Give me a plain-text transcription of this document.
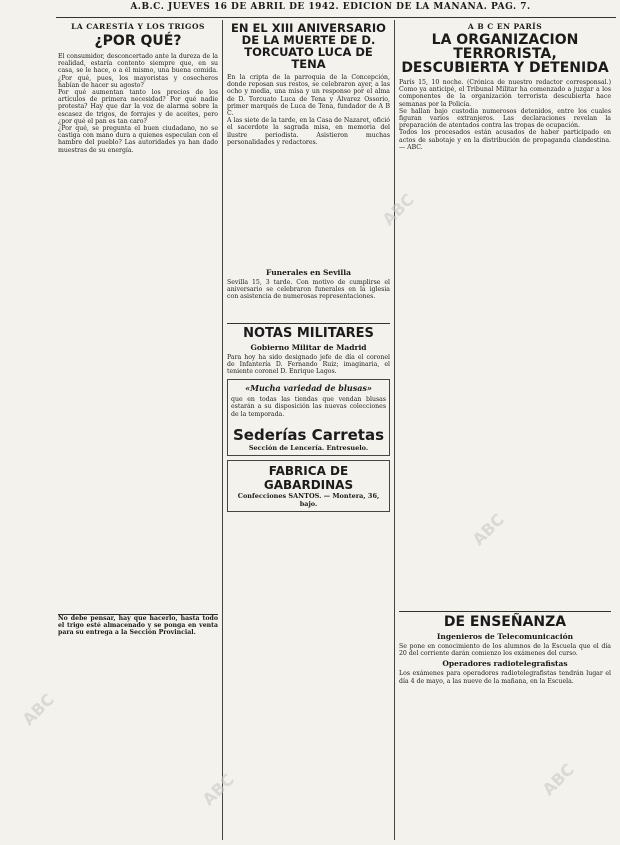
A.B.C. JUEVES 16 DE ABRIL DE 1942. EDICION DE LA MAÑANA. PAG. 7.
LA CARESTÍA Y LOS TRIGOS
¿POR QUÉ?

El consumidor, desconcertado ante la dureza de la realidad, estaría contento siempre que, en su casa, se le hace, o a él mismo, una buena comida. ¿Por qué, pues, los mayoristas y cosecheros habían de hacer su agosto?

Por qué aumentan tanto los precios de los artículos de primera necesidad? Por qué nadie protesta? Hay que dar la voz de alarma sobre la escasez de trigos, de forrajes y de aceites, pero ¿por qué el pan es tan caro?

¿Por qué, se pregunta el buen ciudadano, no se castiga con mano dura a quienes especulan con el hambre del pueblo? Las autoridades ya han dado muestras de su energía.

No debe pensar, hay que hacerlo, hasta todo el trigo esté almacenado y se ponga en venta para su entrega a la Sección Provincial.

EN EL XIII ANIVERSARIO DE LA MUERTE DE D. TORCUATO LUCA DE TENA

En la cripta de la parroquia de la Concepción, donde reposan sus restos, se celebraron ayer, a las ocho y media, una misa y un responso por el alma de D. Torcuato Luca de Tena y Álvarez Ossorio, primer marqués de Luca de Tena, fundador de A B C.

A las siete de la tarde, en la Casa de Nazaret, ofició el sacerdote la sagrada misa, en memoria del ilustre periodista. Asistieron muchas personalidades y redactores.

Funerales en Sevilla

Sevilla 15, 3 tarde. Con motivo de cumplirse el aniversario se celebraron funerales en la iglesia con asistencia de numerosas representaciones.

NOTAS MILITARES
Gobierno Militar de Madrid

Para hoy ha sido designado jefe de día el coronel de Infantería D. Fernando Ruiz; imaginaria, el teniente coronel D. Enrique Lagos.

«Mucha variedad de blusas»

que en todas las tiendas que vendan blusas estarán a su disposición las nuevas colecciones de la temporada.

Sederías Carretas
Sección de Lencería. Entresuelo.
FABRICA DE GABARDINAS
Confecciones SANTOS. — Montera, 36, bajo.
A B C EN PARÍS
LA ORGANIZACION TERRORISTA, DESCUBIERTA Y DETENIDA

París 15, 10 noche. (Crónica de nuestro redactor corresponsal.) Como ya anticipé, el Tribunal Militar ha comenzado a juzgar a los componentes de la organización terrorista descubierta hace semanas por la Policía.

Se hallan bajo custodia numerosos detenidos, entre los cuales figuran varios extranjeros. Las declaraciones revelan la preparación de atentados contra las tropas de ocupación.

Todos los procesados están acusados de haber participado en actos de sabotaje y en la distribución de propaganda clandestina. — ABC.

DE ENSEÑANZA
Ingenieros de Telecomunicación

Se pone en conocimiento de los alumnos de la Escuela que el día 20 del corriente darán comienzo los exámenes del curso.

Operadores radiotelegrafistas

Los exámenes para operadores radiotelegrafistas tendrán lugar el día 4 de mayo, a las nueve de la mañana, en la Escuela.

ABC
ABC
ABC
ABC
ABC
